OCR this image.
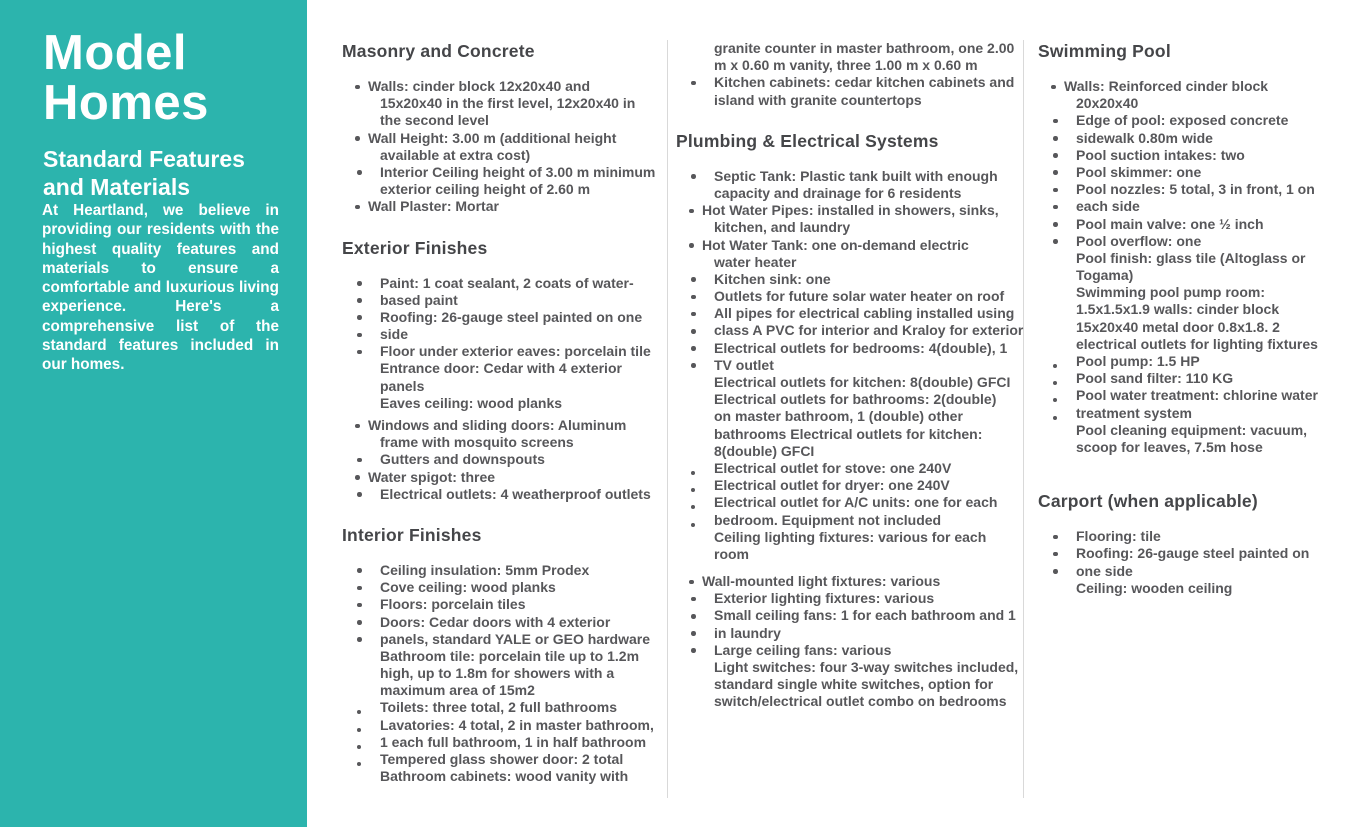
Model
Homes
Standard Features and Materials
At Heartland, we believe in providing our residents with the highest quality features and materials to ensure a comfortable and luxurious living experience. Here's a comprehensive list of the standard features included in our homes.
Masonry and Concrete
Walls: cinder block 12x20x40 and
15x20x40 in the first level, 12x20x40 in
the second level
Wall Height: 3.00 m (additional height
available at extra cost)
Interior Ceiling height of 3.00 m minimum
exterior ceiling height of 2.60 m
Wall Plaster: Mortar
Exterior Finishes
Paint: 1 coat sealant, 2 coats of water-
based paint
Roofing: 26-gauge steel painted on one
side
Floor under exterior eaves: porcelain tile
Entrance door: Cedar with 4 exterior
panels
Eaves ceiling: wood planks
Windows and sliding doors: Aluminum
frame with mosquito screens
Gutters and downspouts
Water spigot: three
Electrical outlets: 4 weatherproof outlets
Interior Finishes
Ceiling insulation: 5mm Prodex
Cove ceiling: wood planks
Floors: porcelain tiles
Doors: Cedar doors with 4 exterior
panels, standard YALE or GEO hardware
Bathroom tile: porcelain tile up to 1.2m
high, up to 1.8m for showers with a
maximum area of 15m2
Toilets: three total, 2 full bathrooms
Lavatories: 4 total, 2 in master bathroom,
1 each full bathroom, 1 in half bathroom
Tempered glass shower door: 2 total
Bathroom cabinets: wood vanity with
granite counter in master bathroom, one 2.00
m x 0.60 m vanity, three 1.00 m x 0.60 m
Kitchen cabinets: cedar kitchen cabinets and
island with granite countertops
Plumbing & Electrical Systems
Septic Tank: Plastic tank built with enough
capacity and drainage for 6 residents
Hot Water Pipes: installed in showers, sinks,
kitchen, and laundry
Hot Water Tank: one on-demand electric
water heater
Kitchen sink: one
Outlets for future solar water heater on roof
All pipes for electrical cabling installed using
class A PVC for interior and Kraloy for exterior
Electrical outlets for bedrooms: 4(double), 1
TV outlet
Electrical outlets for kitchen: 8(double) GFCI
Electrical outlets for bathrooms: 2(double)
on master bathroom, 1 (double) other
bathrooms Electrical outlets for kitchen:
8(double) GFCI
Electrical outlet for stove: one 240V
Electrical outlet for dryer: one 240V
Electrical outlet for A/C units: one for each
bedroom. Equipment not included
Ceiling lighting fixtures: various for each
room
Wall-mounted light fixtures: various
Exterior lighting fixtures: various
Small ceiling fans: 1 for each bathroom and 1
in laundry
Large ceiling fans: various
Light switches: four 3-way switches included,
standard single white switches, option for
switch/electrical outlet combo on bedrooms
Swimming Pool
Walls: Reinforced cinder block
20x20x40
Edge of pool: exposed concrete
sidewalk 0.80m wide
Pool suction intakes: two
Pool skimmer: one
Pool nozzles: 5 total, 3 in front, 1 on
each side
Pool main valve: one ½ inch
Pool overflow: one
Pool finish: glass tile (Altoglass or
Togama)
Swimming pool pump room:
1.5x1.5x1.9 walls: cinder block
15x20x40 metal door 0.8x1.8. 2
electrical outlets for lighting fixtures
Pool pump: 1.5 HP
Pool sand filter: 110 KG
Pool water treatment: chlorine water
treatment system
Pool cleaning equipment: vacuum,
scoop for leaves, 7.5m hose
Carport (when applicable)
Flooring: tile
Roofing: 26-gauge steel painted on
one side
Ceiling: wooden ceiling
